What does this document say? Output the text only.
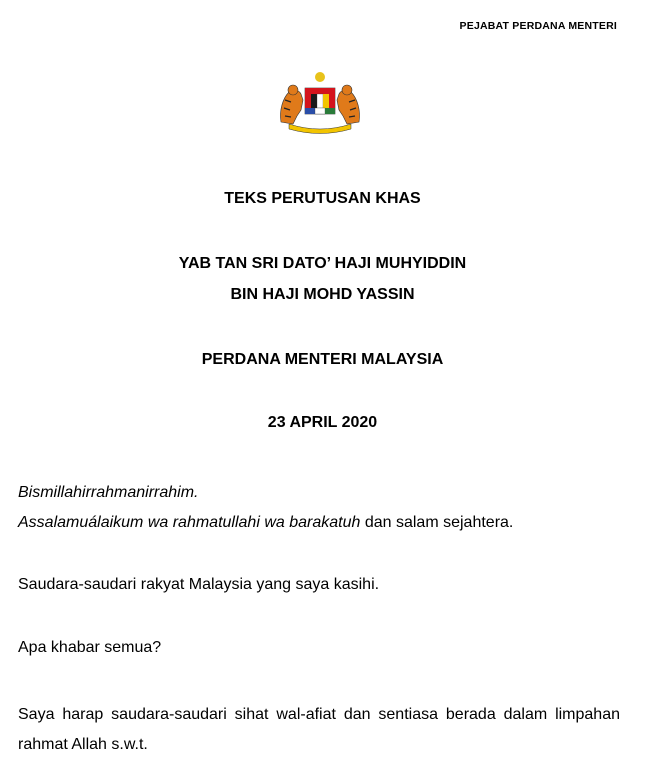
PEJABAT PERDANA MENTERI
TEKS PERUTUSAN KHAS
YAB TAN SRI DATO’ HAJI MUHYIDDIN
BIN HAJI MOHD YASSIN
PERDANA MENTERI MALAYSIA
23 APRIL 2020
Bismillahirrahmanirrahim.
Assalamuálaikum wa rahmatullahi wa barakatuh dan salam sejahtera.
Saudara-saudari rakyat Malaysia yang saya kasihi.
Apa khabar semua?
Saya harap saudara-saudari sihat wal-afiat dan sentiasa berada dalam limpahan rahmat Allah s.w.t.
